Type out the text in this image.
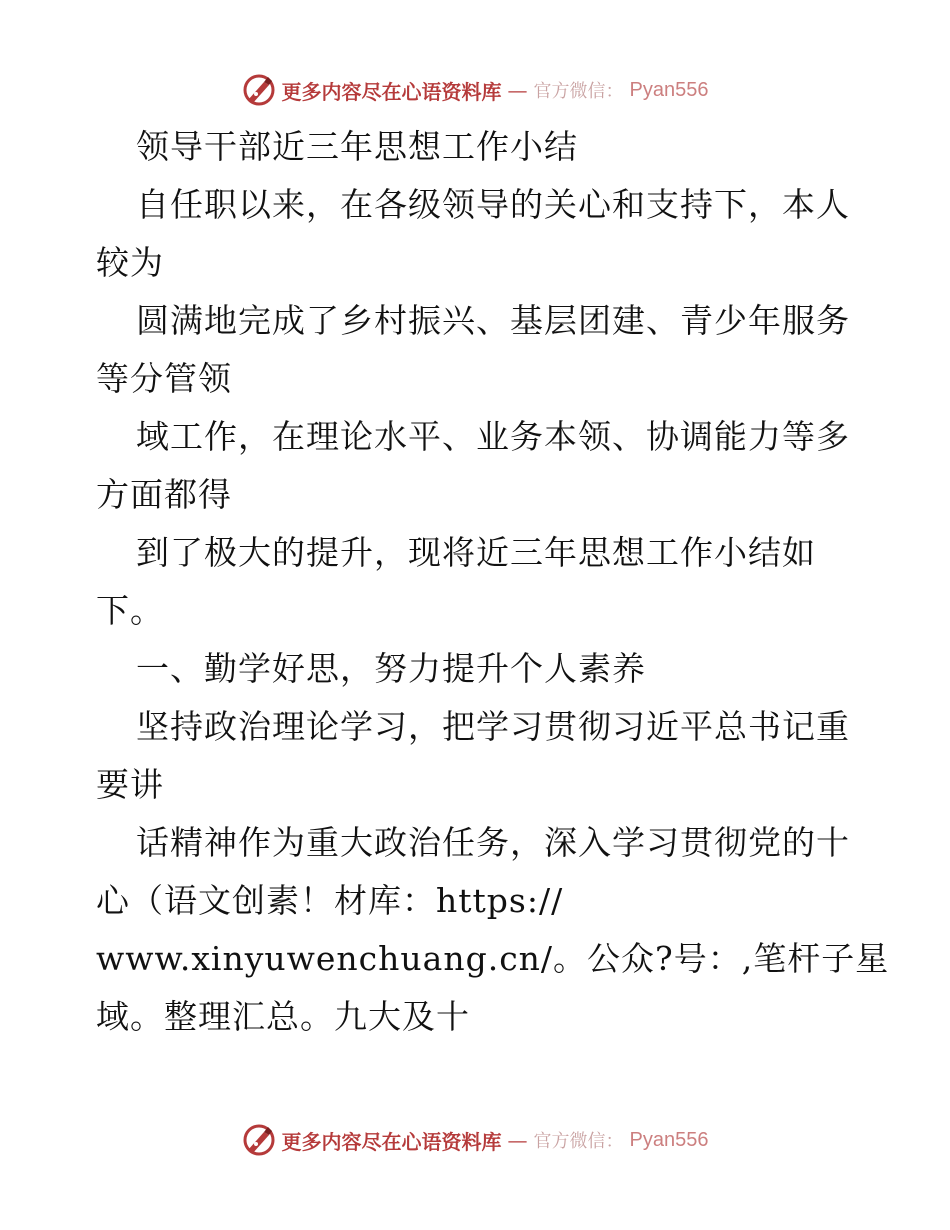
更多内容尽在心语资料库 — 官方微信： Pyan556
领导干部近三年思想工作小结
自任职以来，在各级领导的关心和支持下，本人
较为
圆满地完成了乡村振兴、基层团建、青少年服务
等分管领
域工作，在理论水平、业务本领、协调能力等多
方面都得
到了极大的提升，现将近三年思想工作小结如
下。
一、勤学好思，努力提升个人素养
坚持政治理论学习，把学习贯彻习近平总书记重
要讲
话精神作为重大政治任务，深入学习贯彻党的十
心（语文创素！材库：https://
www.xinyuwenchuang.cn/。公众?号：,笔杆子星
域。整理汇总。九大及十
更多内容尽在心语资料库 — 官方微信： Pyan556
